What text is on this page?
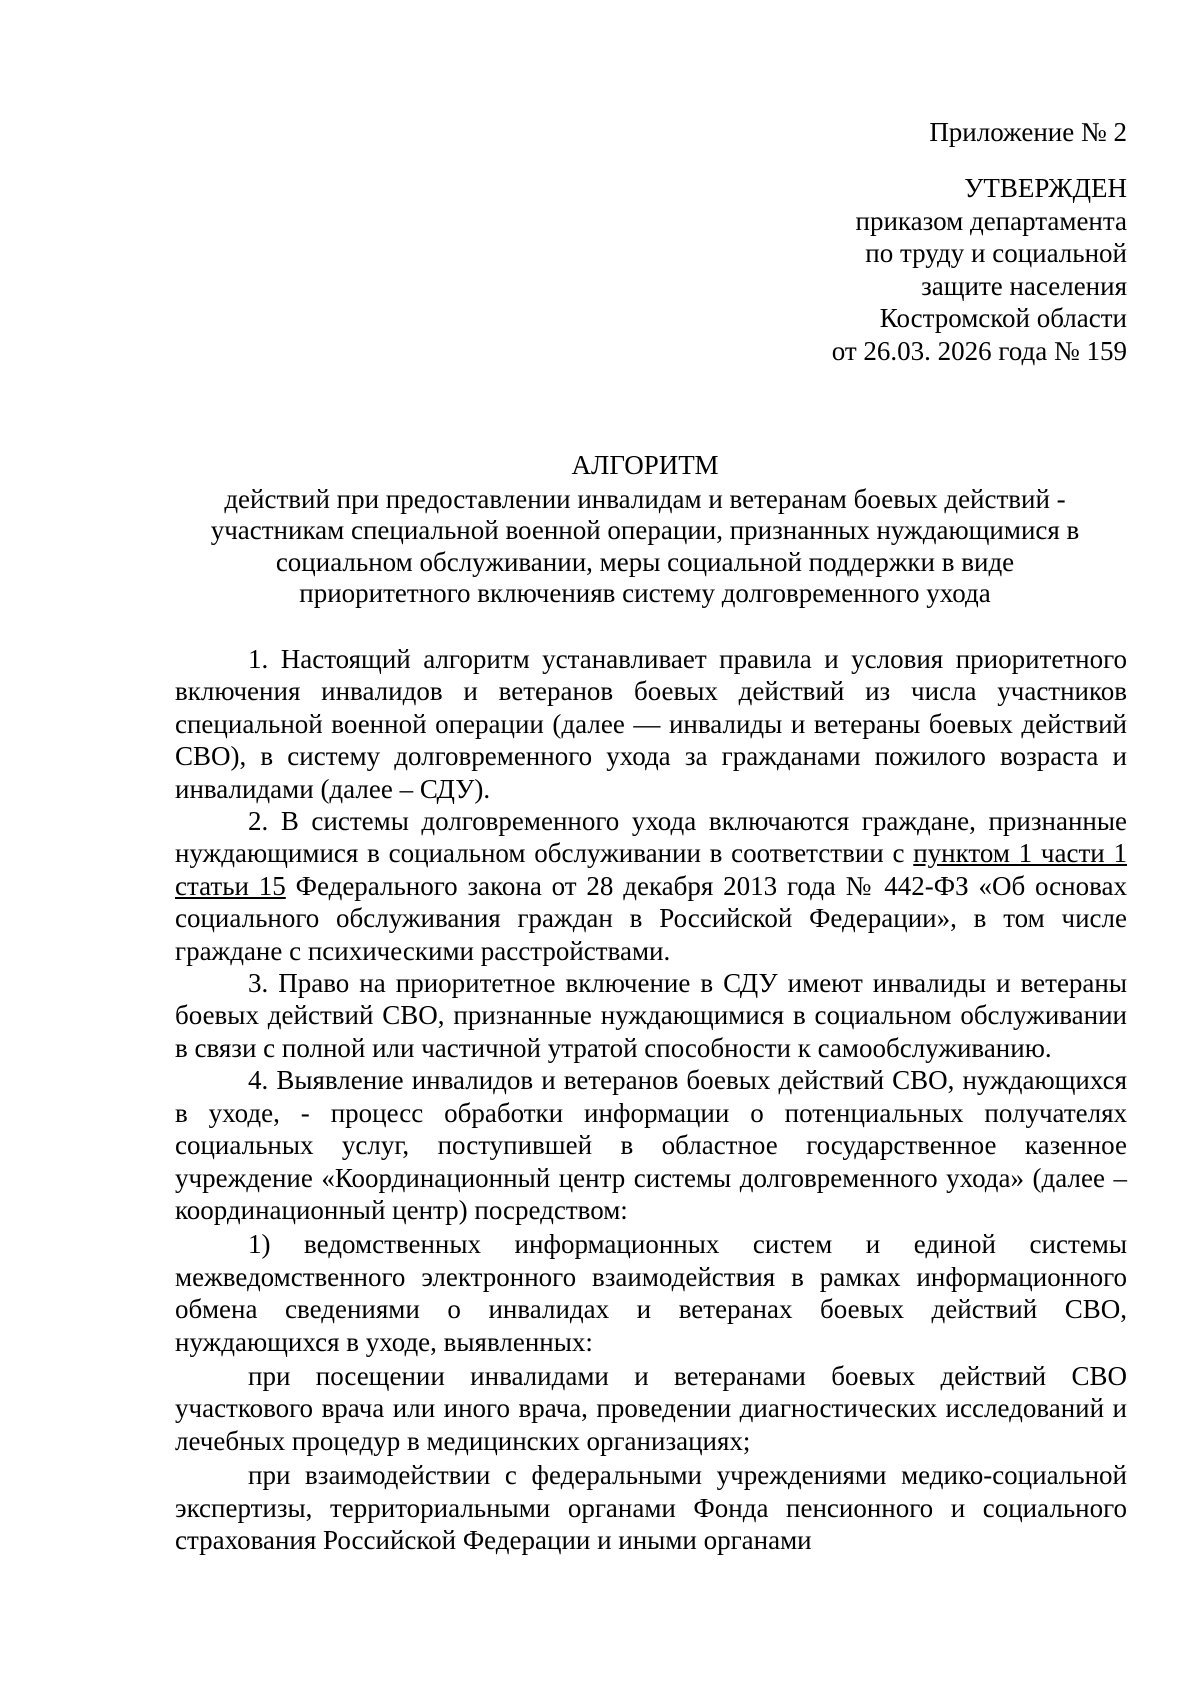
Приложение № 2
УТВЕРЖДЕН
приказом департамента
по труду и социальной
защите населения
Костромской области
от 26.03. 2026 года № 159
АЛГОРИТМ
действий при предоставлении инвалидам и ветеранам боевых действий -
участникам специальной военной операции, признанных нуждающимися в
социальном обслуживании, меры социальной поддержки в виде
приоритетного включенияв систему долговременного ухода

1. Настоящий алгоритм устанавливает правила и условия приоритетного включения инвалидов и ветеранов боевых действий из числа участников специальной военной операции (далее — инвалиды и ветераны боевых действий СВО), в систему долговременного ухода за гражданами пожилого возраста и инвалидами (далее – СДУ).

2. В системы долговременного ухода включаются граждане, признанные нуждающимися в социальном обслуживании в соответствии с пунктом 1 части 1 статьи 15 Федерального закона от 28 декабря 2013 года № 442-ФЗ «Об основах социального обслуживания граждан в Российской Федерации», в том числе граждане с психическими расстройствами.

3. Право на приоритетное включение в СДУ имеют инвалиды и ветераны боевых действий СВО, признанные нуждающимися в социальном обслуживании в связи с полной или частичной утратой способности к самообслуживанию.

4. Выявление инвалидов и ветеранов боевых действий СВО, нуждающихся в уходе, - процесс обработки информации о потенциальных получателях социальных услуг, поступившей в областное государственное казенное учреждение «Координационный центр системы долговременного ухода» (далее – координационный центр) посредством:

1) ведомственных информационных систем и единой системы межведомственного электронного взаимодействия в рамках информационного обмена сведениями о инвалидах и ветеранах боевых действий СВО, нуждающихся в уходе, выявленных:

при посещении инвалидами и ветеранами боевых действий СВО участкового врача или иного врача, проведении диагностических исследований и лечебных процедур в медицинских организациях;

при взаимодействии с федеральными учреждениями медико-социальной экспертизы, территориальными органами Фонда пенсионного и социального страхования Российской Федерации и иными органами
